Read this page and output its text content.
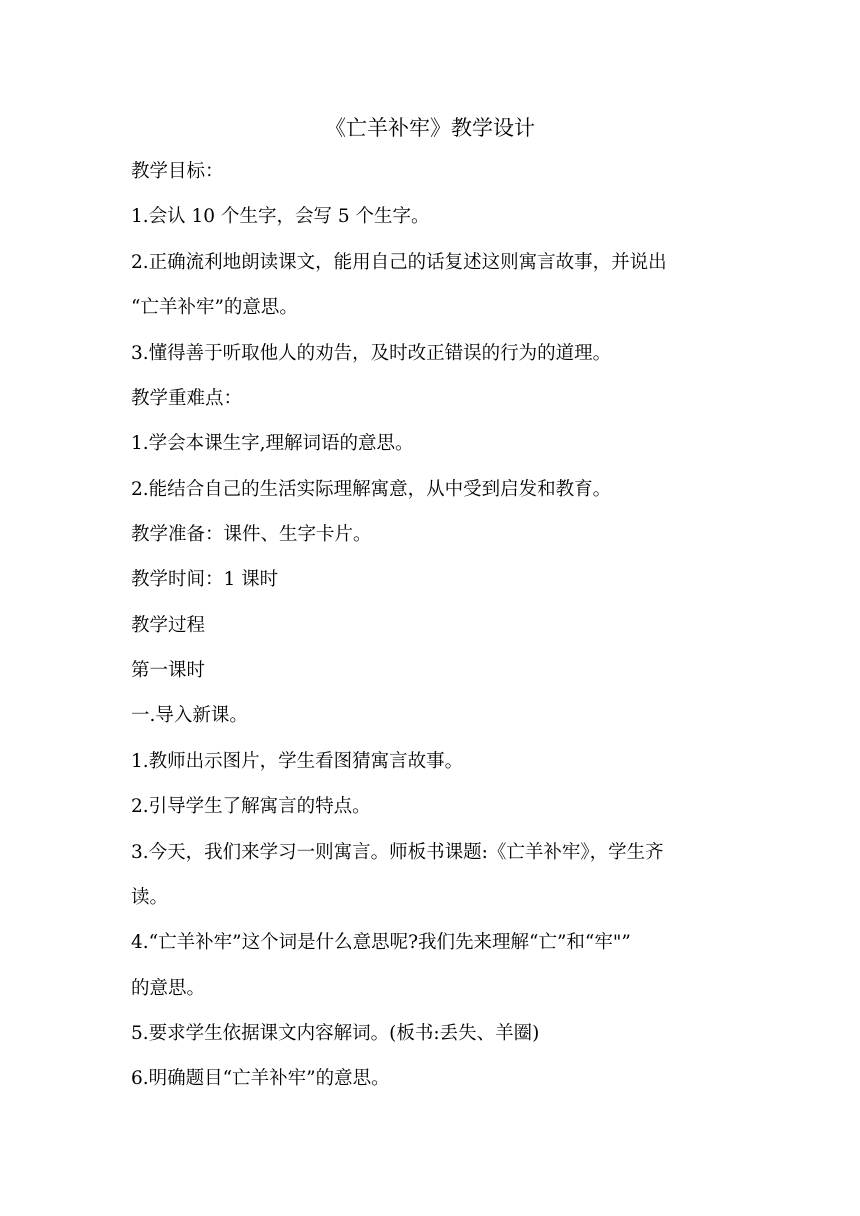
《亡羊补牢》教学设计
教学目标：
1.会认 10 个生字，会写 5 个生字。
2.正确流利地朗读课文，能用自己的话复述这则寓言故事，并说出
“亡羊补牢”的意思。
3.懂得善于听取他人的劝告，及时改正错误的行为的道理。
教学重难点：
1.学会本课生字,理解词语的意思。
2.能结合自己的生活实际理解寓意，从中受到启发和教育。
教学准备：课件、生字卡片。
教学时间：1 课时
教学过程
第一课时
一.导入新课。
1.教师出示图片，学生看图猜寓言故事。
2.引导学生了解寓言的特点。
3.今天，我们来学习一则寓言。师板书课题:《亡羊补牢》，学生齐
读。
4.“亡羊补牢”这个词是什么意思呢?我们先来理解“亡”和“牢"”
的意思。
5.要求学生依据课文内容解词。(板书:丢失、羊圈)
6.明确题目“亡羊补牢”的意思。
